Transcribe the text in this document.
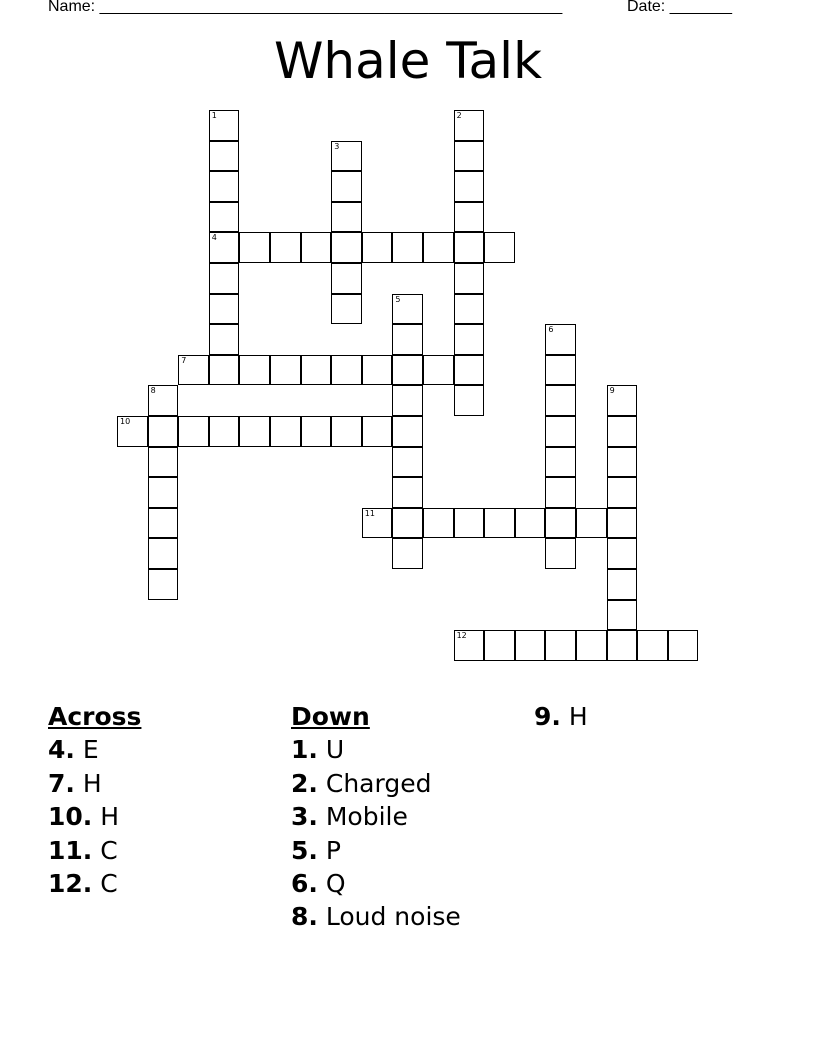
Name: ____________________________________________________	Date: _______
Whale Talk
1
4
2
3
5
6
7
8	9
10
11
12
Across
4. E
7. H
10. H
11. C
12. C
Down
1. U
2. Charged
3. Mobile
5. P
6. Q
8. Loud noise
9. H
